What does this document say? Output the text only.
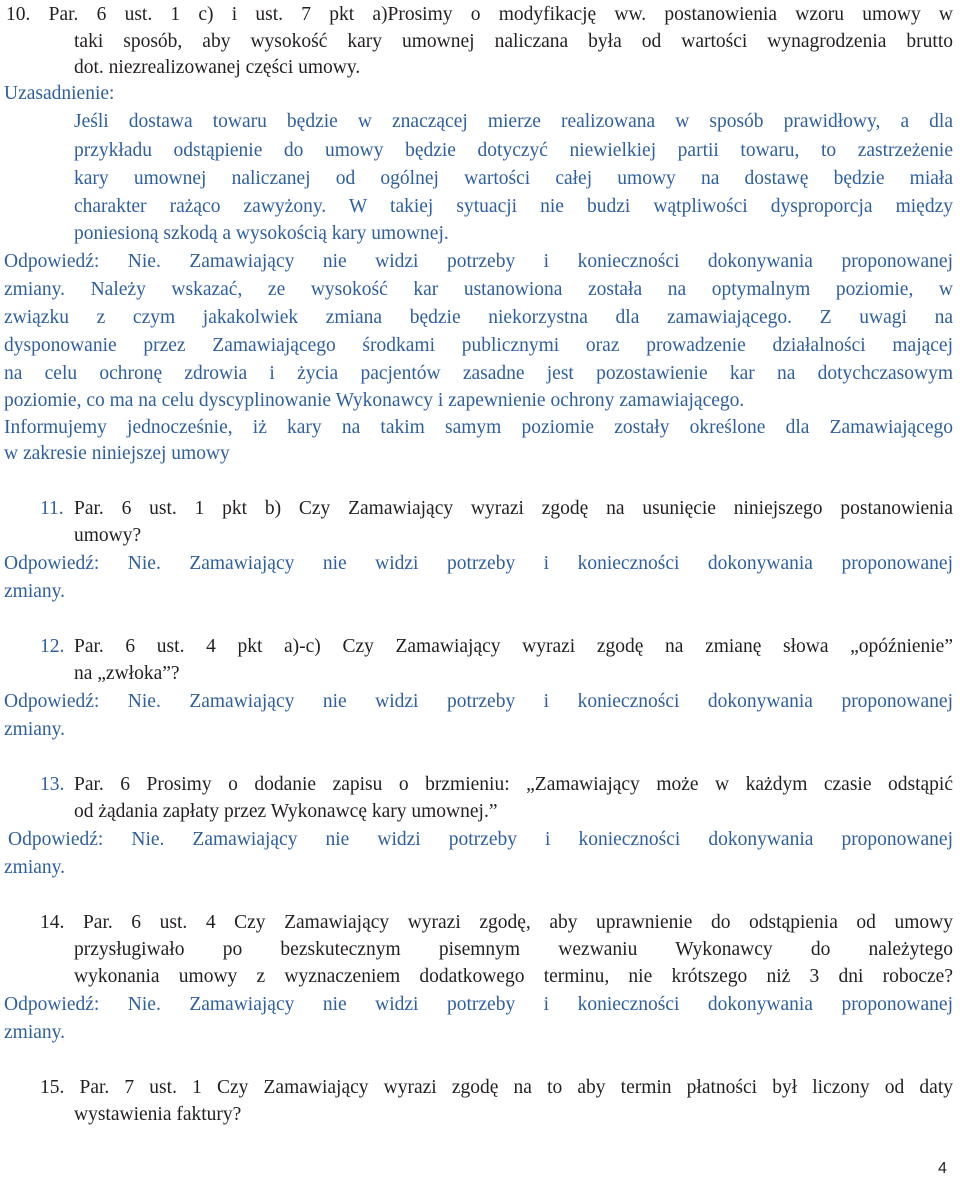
10. Par. 6 ust. 1 c) i ust. 7 pkt a)Prosimy o modyfikację ww. postanowienia wzoru umowy w
taki sposób, aby wysokość kary umownej naliczana była od wartości wynagrodzenia brutto
dot. niezrealizowanej części umowy.
Uzasadnienie:
Jeśli dostawa towaru będzie w znaczącej mierze realizowana w sposób prawidłowy, a dla
przykładu odstąpienie do umowy będzie dotyczyć niewielkiej partii towaru, to zastrzeżenie
kary umownej naliczanej od ogólnej wartości całej umowy na dostawę będzie miała
charakter rażąco zawyżony. W takiej sytuacji nie budzi wątpliwości dysproporcja między
poniesioną szkodą a wysokością kary umownej.
Odpowiedź: Nie. Zamawiający nie widzi potrzeby i konieczności dokonywania proponowanej
zmiany. Należy wskazać, ze wysokość kar ustanowiona została na optymalnym poziomie, w
związku z czym jakakolwiek zmiana będzie niekorzystna dla zamawiającego. Z uwagi na
dysponowanie przez Zamawiającego środkami publicznymi oraz prowadzenie działalności mającej
na celu ochronę zdrowia i życia pacjentów zasadne jest pozostawienie kar na dotychczasowym
poziomie, co ma na celu dyscyplinowanie Wykonawcy i zapewnienie ochrony zamawiającego.
Informujemy jednocześnie, iż kary na takim samym poziomie zostały określone dla Zamawiającego
w zakresie niniejszej umowy
11. Par. 6 ust. 1 pkt b) Czy Zamawiający wyrazi zgodę na usunięcie niniejszego postanowienia
umowy?
Odpowiedź: Nie. Zamawiający nie widzi potrzeby i konieczności dokonywania proponowanej
zmiany.
12. Par. 6 ust. 4 pkt a)-c) Czy Zamawiający wyrazi zgodę na zmianę słowa „opóźnienie”
na „zwłoka”?
Odpowiedź: Nie. Zamawiający nie widzi potrzeby i konieczności dokonywania proponowanej
zmiany.
13. Par. 6 Prosimy o dodanie zapisu o brzmieniu: „Zamawiający może w każdym czasie odstąpić
od żądania zapłaty przez Wykonawcę kary umownej.”
Odpowiedź: Nie. Zamawiający nie widzi potrzeby i konieczności dokonywania proponowanej
zmiany.
14. Par. 6 ust. 4 Czy Zamawiający wyrazi zgodę, aby uprawnienie do odstąpienia od umowy
przysługiwało po bezskutecznym pisemnym wezwaniu Wykonawcy do należytego
wykonania umowy z wyznaczeniem dodatkowego terminu, nie krótszego niż 3 dni robocze?
Odpowiedź: Nie. Zamawiający nie widzi potrzeby i konieczności dokonywania proponowanej
zmiany.
15. Par. 7 ust. 1 Czy Zamawiający wyrazi zgodę na to aby termin płatności był liczony od daty
wystawienia faktury?
4
